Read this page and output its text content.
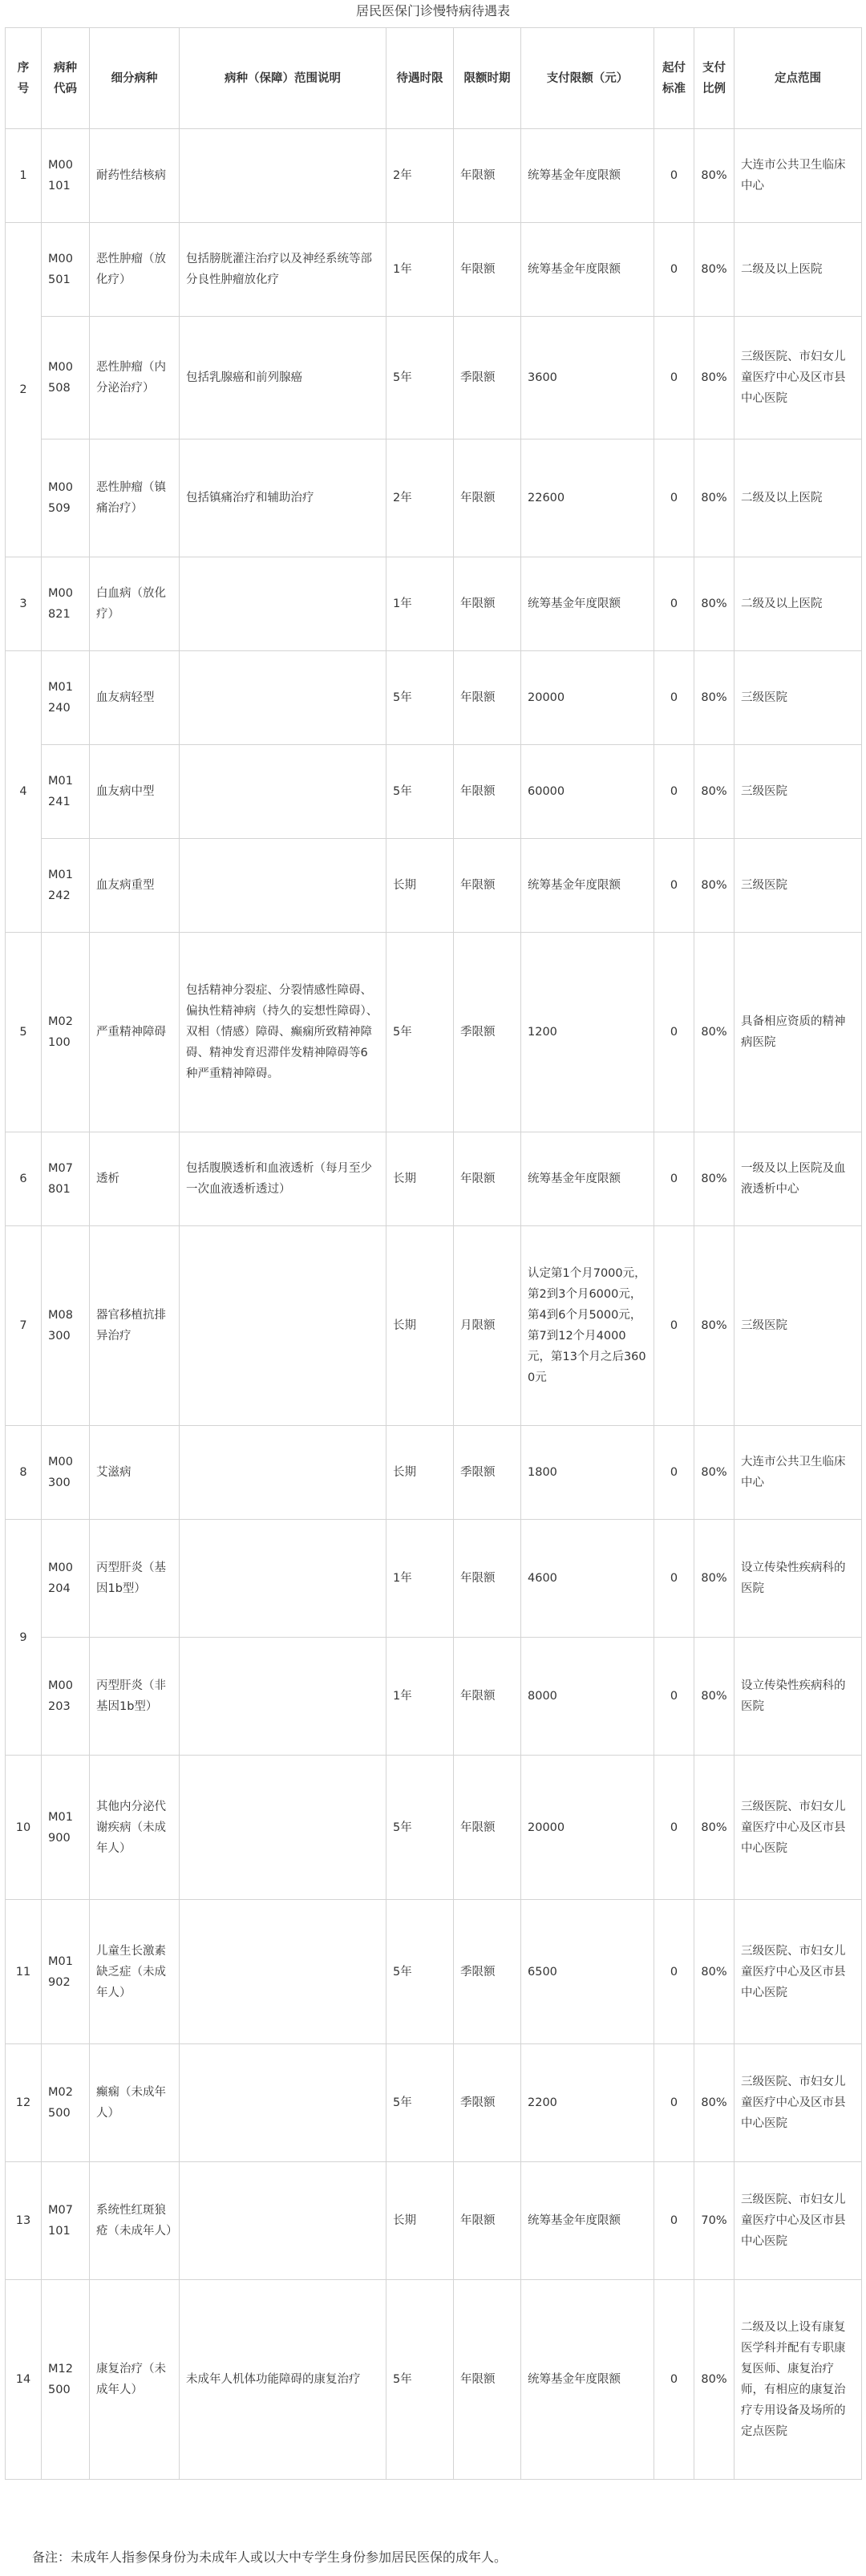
居民医保门诊慢特病待遇表
序号	病种代码	细分病种	病种（保障）范围说明	待遇时限	限额时期	支付限额（元）	起付标准	支付比例	定点范围
1	M00101	耐药性结核病		2年	年限额	统筹基金年度限额	0	80%	大连市公共卫生临床中心
2	M00501	恶性肿瘤（放化疗）	包括膀胱灌注治疗以及神经系统等部分良性肿瘤放化疗	1年	年限额	统筹基金年度限额	0	80%	二级及以上医院
	M00508	恶性肿瘤（内分泌治疗）	包括乳腺癌和前列腺癌	5年	季限额	3600	0	80%	三级医院、市妇女儿童医疗中心及区市县中心医院
	M00509	恶性肿瘤（镇痛治疗）	包括镇痛治疗和辅助治疗	2年	年限额	22600	0	80%	二级及以上医院
3	M00821	白血病（放化疗）		1年	年限额	统筹基金年度限额	0	80%	二级及以上医院
4	M01240	血友病轻型		5年	年限额	20000	0	80%	三级医院
	M01241	血友病中型		5年	年限额	60000	0	80%	三级医院
	M01242	血友病重型		长期	年限额	统筹基金年度限额	0	80%	三级医院
5	M02100	严重精神障碍	包括精神分裂症、分裂情感性障碍、偏执性精神病（持久的妄想性障碍）、双相（情感）障碍、癫痫所致精神障碍、精神发育迟滞伴发精神障碍等6种严重精神障碍。	5年	季限额	1200	0	80%	具备相应资质的精神病医院
6	M07801	透析	包括腹膜透析和血液透析（每月至少一次血液透析透过）	长期	年限额	统筹基金年度限额	0	80%	一级及以上医院及血液透析中心
7	M08300	器官移植抗排异治疗		长期	月限额	认定第1个月7000元，第2到3个月6000元，第4到6个月5000元，第7到12个月4000元，第13个月之后3600元	0	80%	三级医院
8	M00300	艾滋病		长期	季限额	1800	0	80%	大连市公共卫生临床中心
9	M00204	丙型肝炎（基因1b型）		1年	年限额	4600	0	80%	设立传染性疾病科的医院
	M00203	丙型肝炎（非基因1b型）		1年	年限额	8000	0	80%	设立传染性疾病科的医院
10	M01900	其他内分泌代谢疾病（未成年人）		5年	年限额	20000	0	80%	三级医院、市妇女儿童医疗中心及区市县中心医院
11	M01902	儿童生长激素缺乏症（未成年人）		5年	季限额	6500	0	80%	三级医院、市妇女儿童医疗中心及区市县中心医院
12	M02500	癫痫（未成年人）		5年	季限额	2200	0	80%	三级医院、市妇女儿童医疗中心及区市县中心医院
13	M07101	系统性红斑狼疮（未成年人）		长期	年限额	统筹基金年度限额	0	70%	三级医院、市妇女儿童医疗中心及区市县中心医院
14	M12500	康复治疗（未成年人）	未成年人机体功能障碍的康复治疗	5年	年限额	统筹基金年度限额	0	80%	二级及以上设有康复医学科并配有专职康复医师、康复治疗师，有相应的康复治疗专用设备及场所的定点医院
备注：未成年人指参保身份为未成年人或以大中专学生身份参加居民医保的成年人。
